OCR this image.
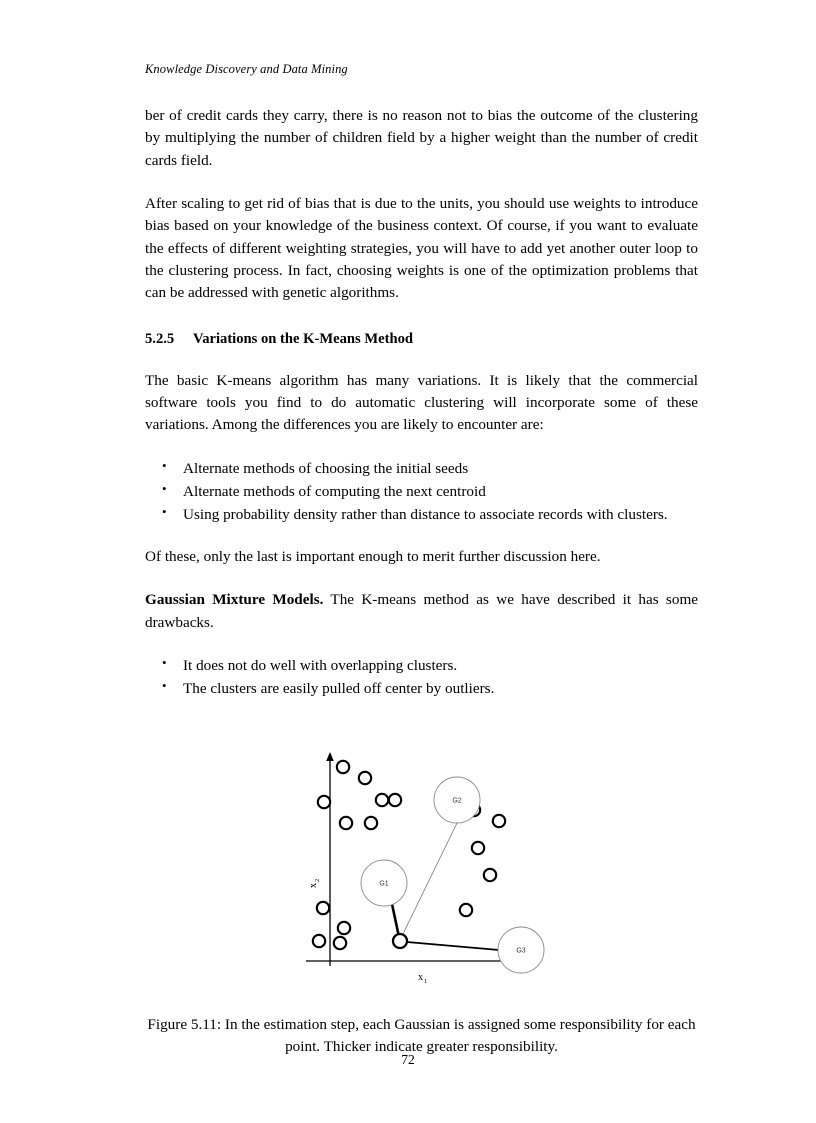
Knowledge Discovery and Data Mining

ber of credit cards they carry, there is no reason not to bias the outcome of the clustering by multiplying the number of children field by a higher weight than the number of credit cards field.

After scaling to get rid of bias that is due to the units, you should use weights to introduce bias based on your knowledge of the business context. Of course, if you want to evaluate the effects of different weighting strategies, you will have to add yet another outer loop to the clustering process. In fact, choosing weights is one of the optimization problems that can be addressed with genetic algorithms.

5.2.5 Variations on the K-Means Method

The basic K-means algorithm has many variations. It is likely that the commercial software tools you find to do automatic clustering will incorporate some of these variations. Among the differences you are likely to encounter are:

• Alternate methods of choosing the initial seeds
• Alternate methods of computing the next centroid
• Using probability density rather than distance to associate records with clusters.

Of these, only the last is important enough to merit further discussion here.

Gaussian Mixture Models. The K-means method as we have described it has some drawbacks.

• It does not do well with overlapping clusters.
• The clusters are easily pulled off center by outliers.
x 1
x
2
G1
G2
G3
Figure 5.11: In the estimation step, each Gaussian is assigned some responsibility for each point. Thicker indicate greater responsibility.
72
